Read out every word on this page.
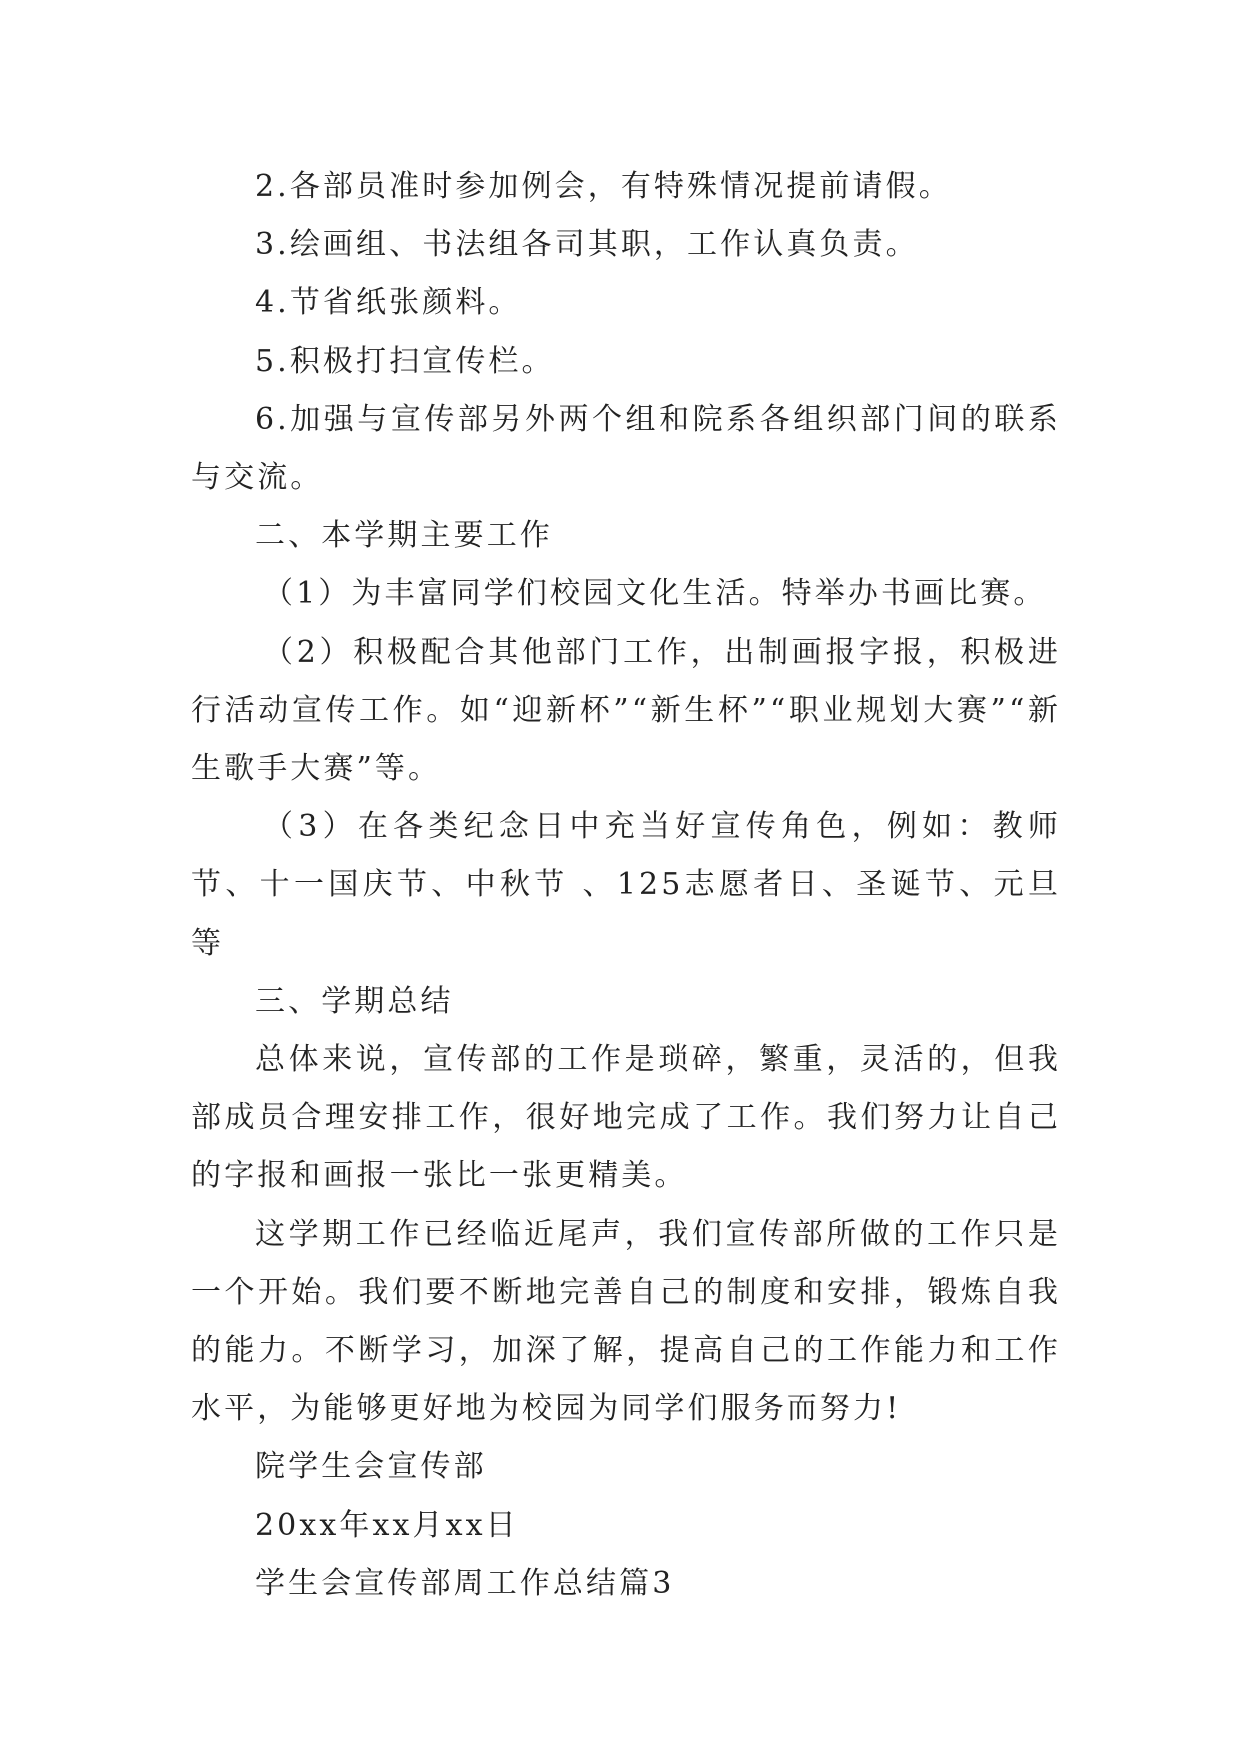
2.各部员准时参加例会，有特殊情况提前请假。

3.绘画组、书法组各司其职，工作认真负责。

4.节省纸张颜料。

5.积极打扫宣传栏。

6.加强与宣传部另外两个组和院系各组织部门间的联系与交流。

二、本学期主要工作

（1）为丰富同学们校园文化生活。特举办书画比赛。

（2）积极配合其他部门工作，出制画报字报，积极进行活动宣传工作。如“迎新杯”“新生杯”“职业规划大赛”“新生歌手大赛”等。

（3）在各类纪念日中充当好宣传角色，例如：教师节、十一国庆节、中秋节 、125志愿者日、圣诞节、元旦等

三、学期总结

总体来说，宣传部的工作是琐碎，繁重，灵活的，但我部成员合理安排工作，很好地完成了工作。我们努力让自己的字报和画报一张比一张更精美。

这学期工作已经临近尾声，我们宣传部所做的工作只是一个开始。我们要不断地完善自己的制度和安排，锻炼自我的能力。不断学习，加深了解，提高自己的工作能力和工作水平，为能够更好地为校园为同学们服务而努力!

院学生会宣传部

20xx年xx月xx日

学生会宣传部周工作总结篇3
